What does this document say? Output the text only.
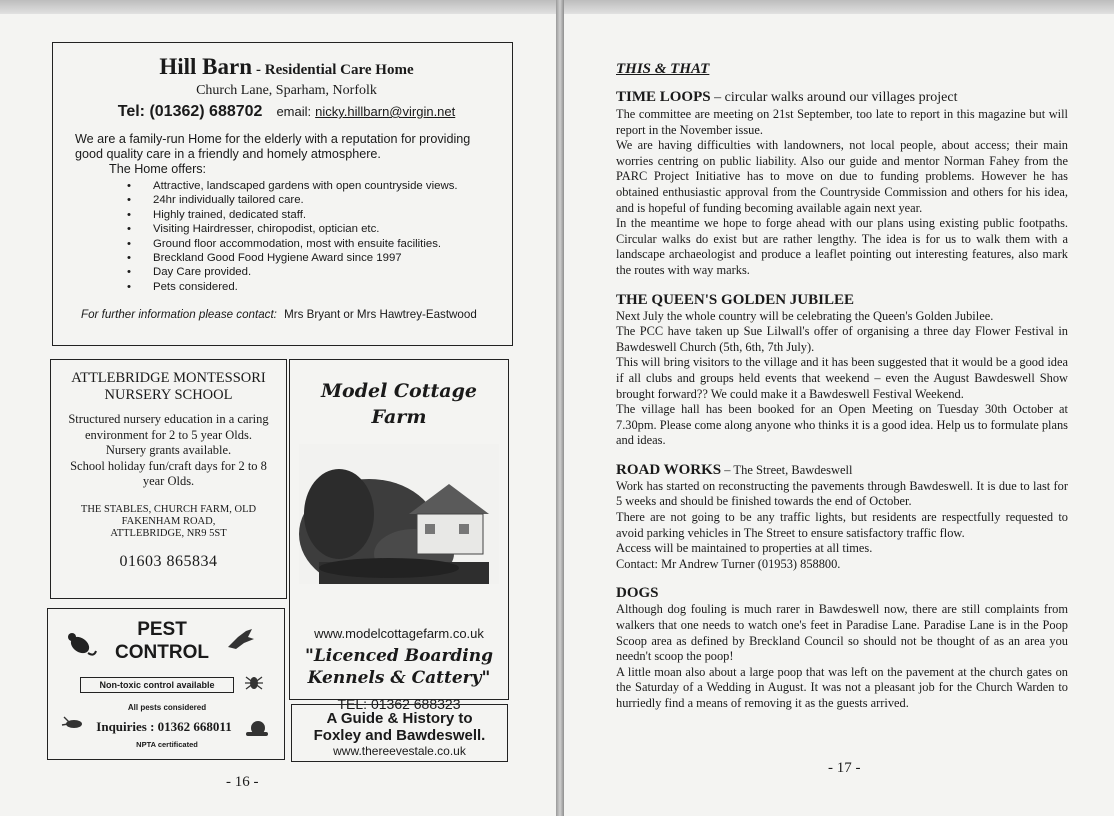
Hill Barn - Residential Care Home
Church Lane, Sparham, Norfolk
Tel: (01362) 688702 email: nicky.hillbarn@virgin.net

We are a family-run Home for the elderly with a reputation for providing good quality care in a friendly and homely atmosphere.

The Home offers:
• Attractive, landscaped gardens with open countryside views.
• 24hr individually tailored care.
• Highly trained, dedicated staff.
• Visiting Hairdresser, chiropodist, optician etc.
• Ground floor accommodation, most with ensuite facilities.
• Breckland Good Food Hygiene Award since 1997
• Day Care provided.
• Pets considered.
For further information please contact: Mrs Bryant or Mrs Hawtrey-Eastwood
ATTLEBRIDGE MONTESSORI
NURSERY SCHOOL
Structured nursery education in a caring environment for 2 to 5 year Olds.
Nursery grants available.
School holiday fun/craft days for 2 to 8 year Olds.
THE STABLES, CHURCH FARM, OLD
FAKENHAM ROAD,
ATTLEBRIDGE, NR9 5ST
01603 865834
Model Cottage Farm
www.modelcottagefarm.co.uk
"Licenced Boarding
Kennels & Cattery"
TEL: 01362 688323
PEST
CONTROL
Non-toxic control available
All pests considered
Inquiries : 01362 668011
NPTA certificated
A Guide & History to
Foxley and Bawdeswell.
www.thereevestale.co.uk
- 16 -
THIS & THAT
TIME LOOPS – circular walks around our villages project

The committee are meeting on 21st September, too late to report in this magazine but will report in the November issue.

We are having difficulties with landowners, not local people, about access; their main worries centring on public liability. Also our guide and mentor Norman Fahey from the PARC Project Initiative has to move on due to funding problems. However he has obtained enthusiastic approval from the Countryside Commission and others for his idea, and is hopeful of funding becoming available again next year.

In the meantime we hope to forge ahead with our plans using existing public footpaths. Circular walks do exist but are rather lengthy. The idea is for us to walk them with a landscape archaeologist and produce a leaflet pointing out interesting features, also mark the routes with way marks.

THE QUEEN'S GOLDEN JUBILEE

Next July the whole country will be celebrating the Queen's Golden Jubilee.

The PCC have taken up Sue Lilwall's offer of organising a three day Flower Festival in Bawdeswell Church (5th, 6th, 7th July).

This will bring visitors to the village and it has been suggested that it would be a good idea if all clubs and groups held events that weekend – even the August Bawdeswell Show brought forward?? We could make it a Bawdeswell Festival Weekend.

The village hall has been booked for an Open Meeting on Tuesday 30th October at 7.30pm. Please come along anyone who thinks it is a good idea. Help us to formulate plans and ideas.

ROAD WORKS – The Street, Bawdeswell

Work has started on reconstructing the pavements through Bawdeswell. It is due to last for 5 weeks and should be finished towards the end of October.

There are not going to be any traffic lights, but residents are respectfully requested to avoid parking vehicles in The Street to ensure satisfactory traffic flow.

Access will be maintained to properties at all times.

Contact: Mr Andrew Turner (01953) 858800.

DOGS

Although dog fouling is much rarer in Bawdeswell now, there are still complaints from walkers that one needs to watch one's feet in Paradise Lane. Paradise Lane is in the Poop Scoop area as defined by Breckland Council so should not be thought of as an area you needn't scoop the poop!

A little moan also about a large poop that was left on the pavement at the church gates on the Saturday of a Wedding in August. It was not a pleasant job for the Church Warden to hurriedly find a means of removing it as the guests arrived.

- 17 -
